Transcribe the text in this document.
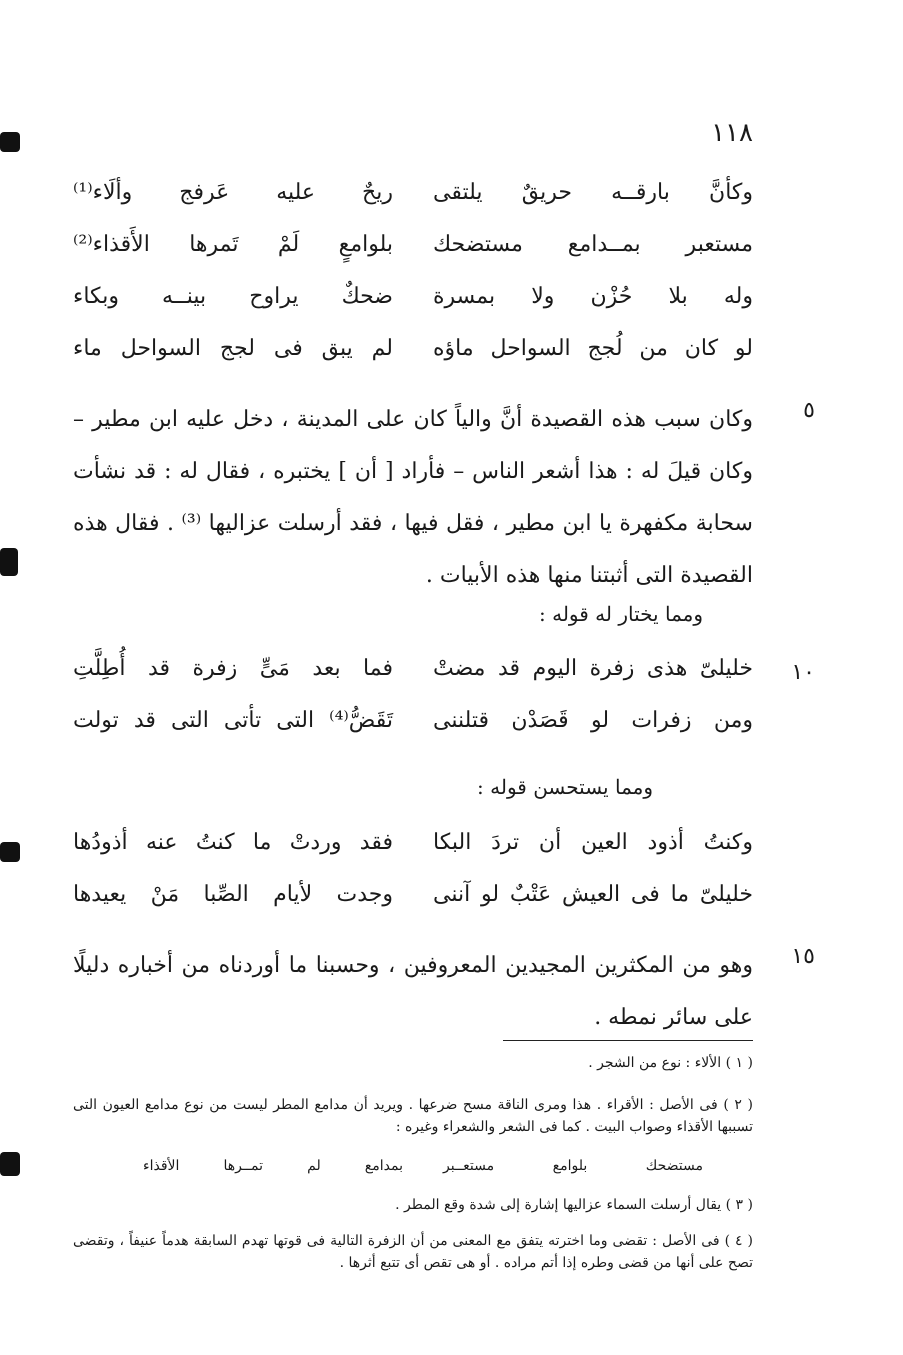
١١٨
وكأنَّ بارقــه حريقٌ يلتقى
ريحٌ عليه عَرفج وألَاء⁽¹⁾
مستعبر بمــدامع مستضحك
بلوامعٍ لَمْ تَمرها الأَقذاء⁽²⁾
وله بلا حُزْن ولا بمسرة
ضحكٌ يراوح بينــه وبكاء
لو كان من لُجج السواحل ماؤه
لم يبق فى لجج السواحل ماء
٥
وكان سبب هذه القصيدة أنَّ والياً كان على المدينة ، دخل عليه ابن مطير – وكان قيلَ له : هذا أشعر الناس – فأراد [ أن ] يختبره ، فقال له : قد نشأت سحابة مكفهرة يا ابن مطير ، فقل فيها ، فقد أرسلت عزاليها ⁽³⁾ . فقال هذه القصيدة التى أثبتنا منها هذه الأبيات .
ومما يختار له قوله :
١٠
خليلىّ هذى زفرة اليوم قد مضتْ
فما بعد مَىٍّ زفرة قد أُطِلَّتِ
ومن زفرات لو قَصَدْن قتلننى
تَقَضُّ⁽⁴⁾ التى تأتى التى قد تولت
ومما يستحسن قوله :
وكنتُ أذود العين أن تردَ البكا
فقد وردتْ ما كنتُ عنه أذودُها
خليلىّ ما فى العيش عَتْبٌ لو آننى
وجدت لأيام الصِّبا مَنْ يعيدها
١٥
وهو من المكثرين المجيدين المعروفين ، وحسبنا ما أوردناه من أخباره دليلًا على سائر نمطه .
( ١ ) الألاء : نوع من الشجر .
( ٢ ) فى الأصل : الأقراء . هذا ومرى الناقة مسح ضرعها . ويريد أن مدامع المطر ليست من نوع مدامع العيون التى تسببها الأقذاء وصواب البيت . كما فى الشعر والشعراء وغيره :
مستضحك بلوامع مستعــبر
بمدامع لم تمــرها الأقذاء
( ٣ ) يقال أرسلت السماء عزاليها إشارة إلى شدة وقع المطر .
( ٤ ) فى الأصل : تقضى وما اخترته يتفق مع المعنى من أن الزفرة التالية فى قوتها تهدم السابقة هدماً عنيفاً ، وتقضى تصح على أنها من قضى وطره إذا أتم مراده . أو هى تقص أى تتبع أثرها .
